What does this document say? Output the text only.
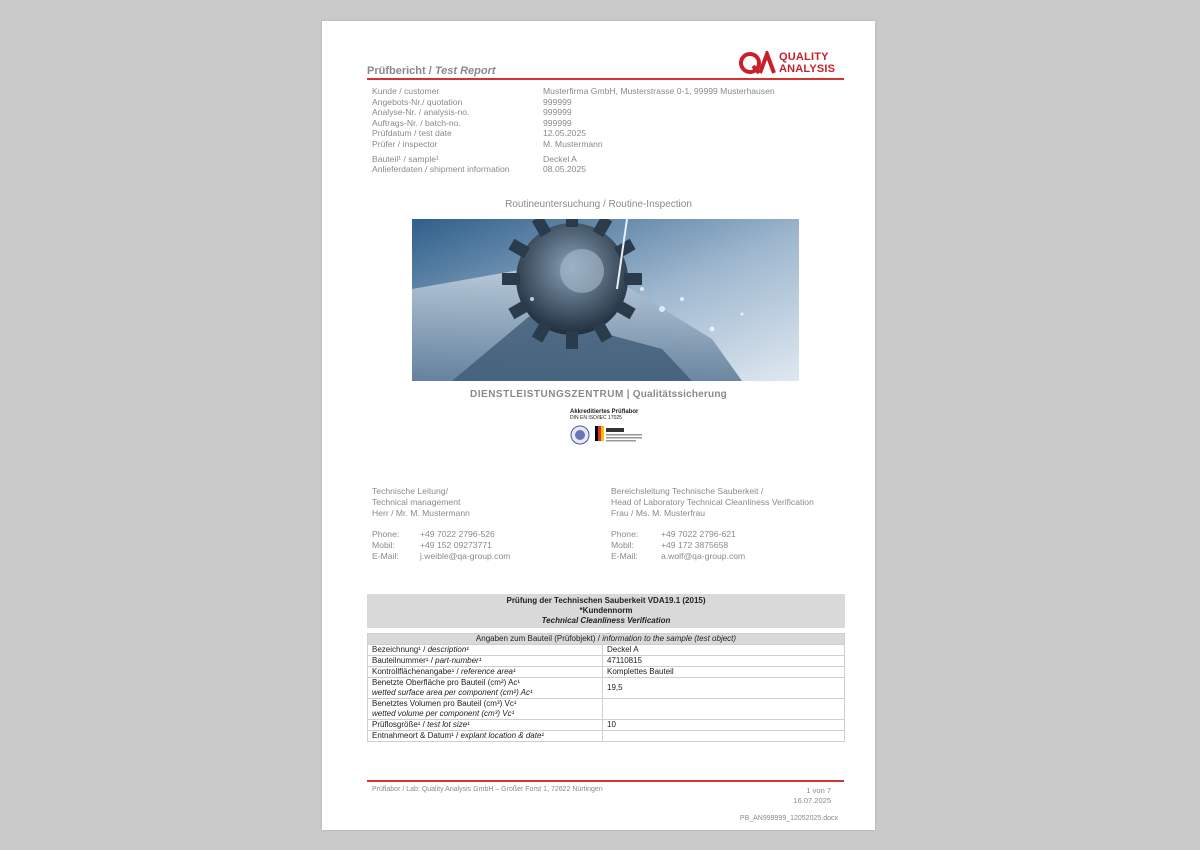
Prüfbericht / Test Report
QUALITY
ANALYSIS
Kunde / customer	Musterfirma GmbH, Musterstrasse 0-1, 99999 Musterhausen
Angebots-Nr./ quotation	999999
Analyse-Nr. / analysis-no.	999999
Auftrags-Nr. / batch-no.	999999
Prüfdatum / test date	12.05.2025
Prüfer / inspector	M. Mustermann
Bauteil¹ / sample¹	Deckel A
Anlieferdaten / shipment information	08.05.2025
Routineuntersuchung / Routine-Inspection
DIENSTLEISTUNGSZENTRUM | Qualitätssicherung
Akkreditiertes Prüflabor
DIN EN ISO/IEC 17025
Technische Leitung/
Technical management
Herr / Mr. M. Mustermann
Phone:	+49 7022 2796-526
Mobil:	+49 152 09273771
E-Mail:	j.weible@qa-group.com
Bereichsleitung Technische Sauberkeit /
Head of Laboratory Technical Cleanliness Verification
Frau / Ms. M. Musterfrau
Phone:	+49 7022 2796-621
Mobil:	+49 172 3875658
E-Mail:	a.wolf@qa-group.com
Prüfung der Technischen Sauberkeit VDA19.1 (2015)
*Kundennorm
Technical Cleanliness Verification
Angaben zum Bauteil (Prüfobjekt) / information to the sample (test object)	
Bezeichnung¹ / description¹	Deckel A
Bauteilnummer¹ / part-number¹	47110815
Kontrollflächenangabe¹ / reference area¹	Komplettes Bauteil

Benetzte Oberfläche pro Bauteil (cm²) Ac¹
wetted surface area per component (cm²) Ac¹	19,5

Benetztes Volumen pro Bauteil (cm³) Vc¹
wetted volume per component (cm³) Vc¹	
Prüflosgröße¹ / test lot size¹	10
Entnahmeort & Datum¹ / explant location & date¹	
Prüflabor / Lab: Quality Analysis GmbH – Großer Forst 1, 72622 Nürtingen	1 von 7
16.07.2025
PB_AN999999_12052025.docx
